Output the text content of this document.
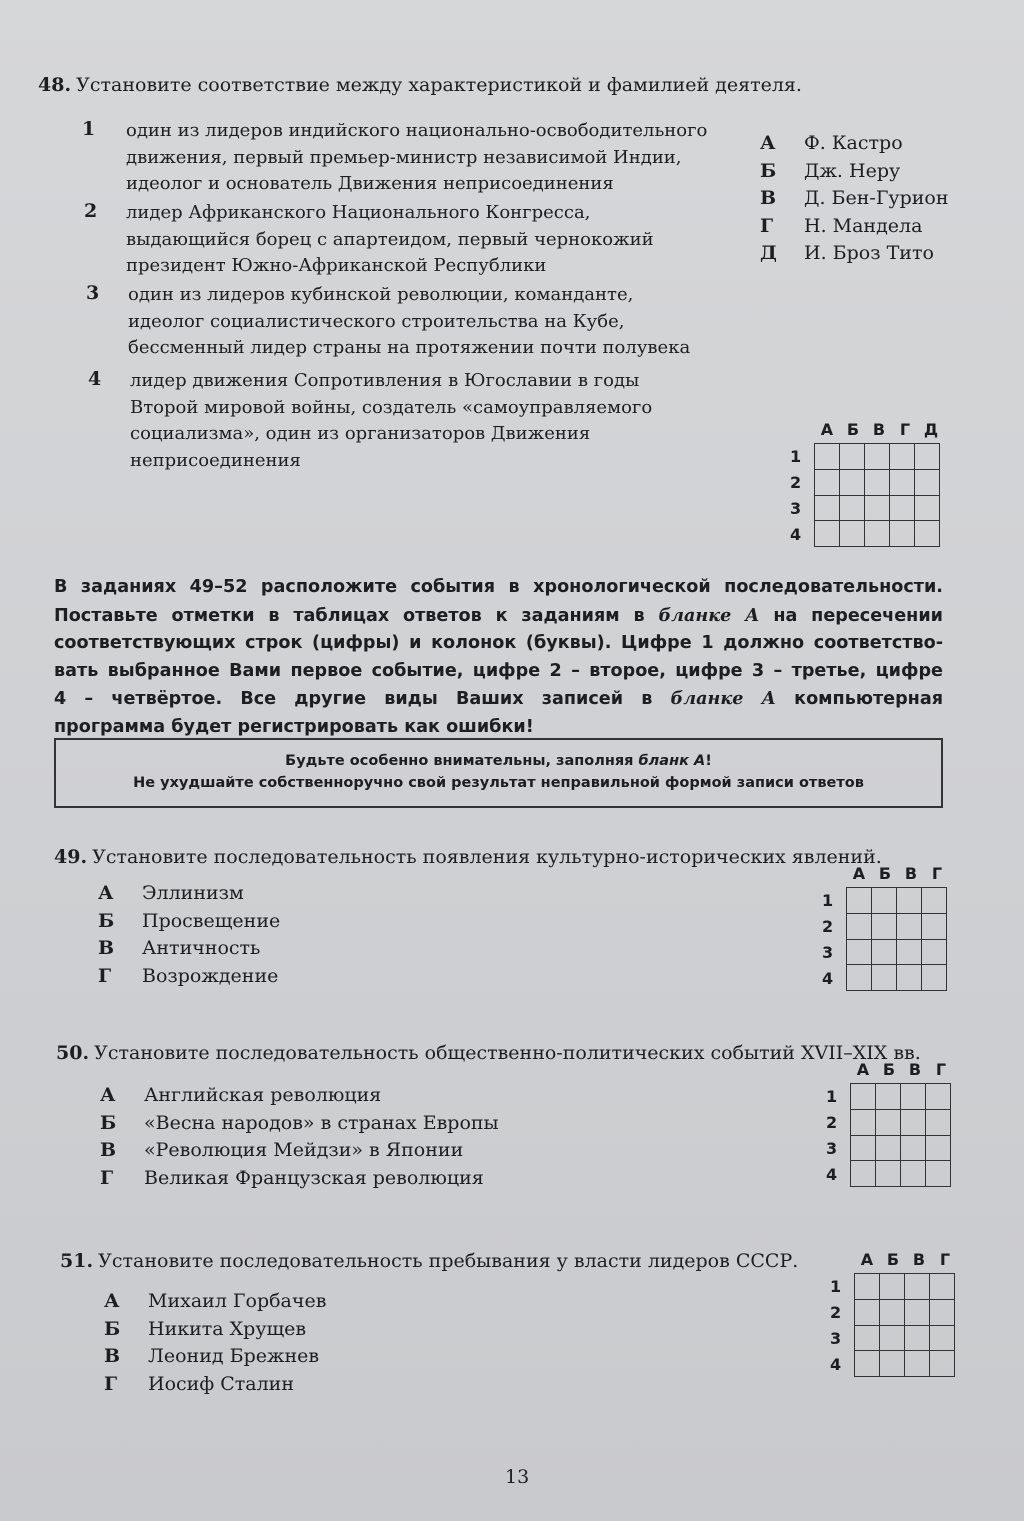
48. Установите соответствие между характеристикой и фамилией деятеля.
1 один из лидеров индийского национально-освободительного
движения, первый премьер-министр независимой Индии,
идеолог и основатель Движения неприсоединения
2 лидер Африканского Национального Конгресса,
выдающийся борец с апартеидом, первый чернокожий
президент Южно-Африканской Республики
3 один из лидеров кубинской революции, команданте,
идеолог социалистического строительства на Кубе,
бессменный лидер страны на протяжении почти полувека
4 лидер движения Сопротивления в Югославии в годы
Второй мировой войны, создатель «самоуправляемого
социализма», один из организаторов Движения
неприсоединения
А Ф. Кастро
Б Дж. Неру
В Д. Бен-Гурион
Г Н. Мандела
Д И. Броз Тито
А Б В Г Д
1
2
3
4

В заданиях 49–52 расположите события в хронологической последовательности.
Поставьте отметки в таблицах ответов к заданиям в бланке А на пересечении
соответствующих строк (цифры) и колонок (буквы). Цифре 1 должно соответство-
вать выбранное Вами первое событие, цифре 2 – второе, цифре 3 – третье, цифре
4 – четвёртое. Все другие виды Ваших записей в бланке А компьютерная
программа будет регистрировать как ошибки!
Будьте особенно внимательны, заполняя бланк А!
Не ухудшайте собственноручно свой результат неправильной формой записи ответов
49. Установите последовательность появления культурно-исторических явлений.
А Эллинизм
Б Просвещение
В Античность
Г Возрождение
А Б В Г
1
2
3
4

50. Установите последовательность общественно-политических событий XVII–XIX вв.
А Английская революция
Б «Весна народов» в странах Европы
В «Революция Мейдзи» в Японии
Г Великая Французская революция
А Б В Г
1
2
3
4

51. Установите последовательность пребывания у власти лидеров СССР.
А Михаил Горбачев
Б Никита Хрущев
В Леонид Брежнев
Г Иосиф Сталин
А Б В Г
1
2
3
4

13
